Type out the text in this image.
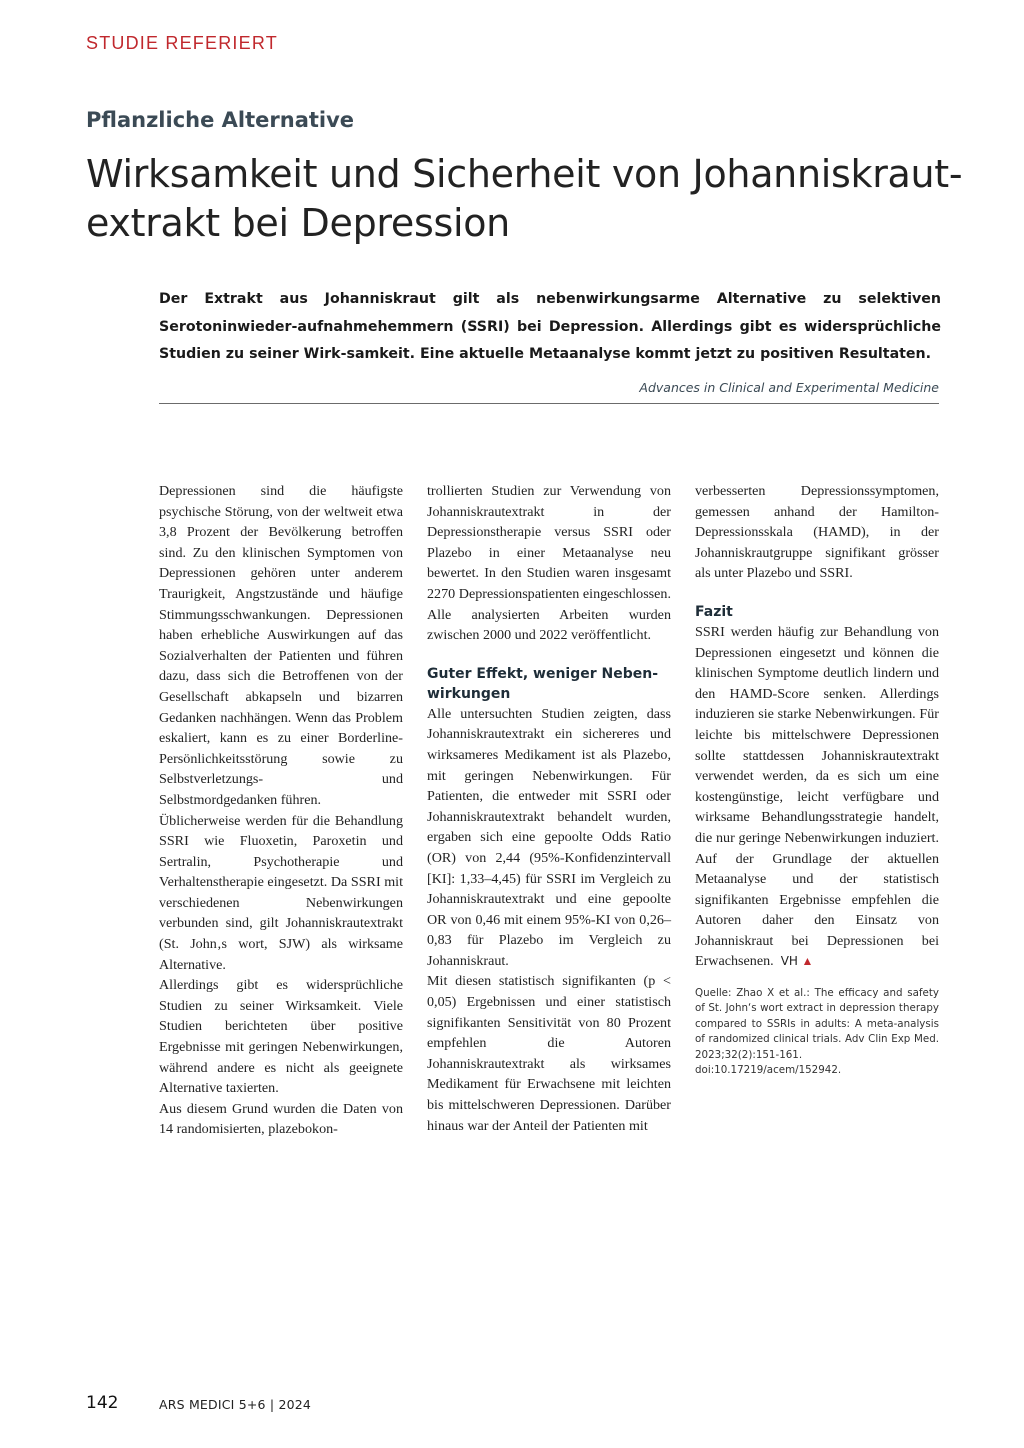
STUDIE REFERIERT
Pflanzliche Alternative
Wirksamkeit und Sicherheit von Johanniskraut-extrakt bei Depression
Der Extrakt aus Johanniskraut gilt als nebenwirkungsarme Alternative zu selektiven Serotoninwieder-aufnahmehemmern (SSRI) bei Depression. Allerdings gibt es widersprüchliche Studien zu seiner Wirk-samkeit. Eine aktuelle Metaanalyse kommt jetzt zu positiven Resultaten.
Advances in Clinical and Experimental Medicine

Depressionen sind die häufigste psychische Störung, von der weltweit etwa 3,8 Prozent der Bevölkerung betroffen sind. Zu den klinischen Symptomen von Depressionen gehören unter anderem Traurigkeit, Angstzustände und häufige Stimmungsschwankungen. Depressionen haben erhebliche Auswirkungen auf das Sozialverhalten der Patienten und führen dazu, dass sich die Betroffenen von der Gesellschaft abkapseln und bizarren Gedanken nachhängen. Wenn das Problem eskaliert, kann es zu einer Borderline-Persönlichkeitsstörung sowie zu Selbstverletzungs- und Selbstmordgedanken führen.

Üblicherweise werden für die Behandlung SSRI wie Fluoxetin, Paroxetin und Sertralin, Psychotherapie und Verhaltenstherapie eingesetzt. Da SSRI mit verschiedenen Nebenwirkungen verbunden sind, gilt Johanniskrautextrakt (St. John‚s wort, SJW) als wirksame Alternative.

Allerdings gibt es widersprüchliche Studien zu seiner Wirksamkeit. Viele Studien berichteten über positive Ergebnisse mit geringen Nebenwirkungen, während andere es nicht als geeignete Alternative taxierten.

Aus diesem Grund wurden die Daten von 14 randomisierten, plazebokon-

trollierten Studien zur Verwendung von Johanniskrautextrakt in der Depressionstherapie versus SSRI oder Plazebo in einer Metaanalyse neu bewertet. In den Studien waren insgesamt 2270 Depressionspatienten eingeschlossen. Alle analysierten Arbeiten wurden zwischen 2000 und 2022 veröffentlicht.

Guter Effekt, weniger Neben-wirkungen

Alle untersuchten Studien zeigten, dass Johanniskrautextrakt ein sichereres und wirksameres Medikament ist als Plazebo, mit geringen Nebenwirkungen. Für Patienten, die entweder mit SSRI oder Johanniskrautextrakt behandelt wurden, ergaben sich eine gepoolte Odds Ratio (OR) von 2,44 (95%-Konfidenzintervall [KI]: 1,33–4,45) für SSRI im Vergleich zu Johanniskrautextrakt und eine gepoolte OR von 0,46 mit einem 95%-KI von 0,26–0,83 für Plazebo im Vergleich zu Johanniskraut.

Mit diesen statistisch signifikanten (p < 0,05) Ergebnissen und einer statistisch signifikanten Sensitivität von 80 Prozent empfehlen die Autoren Johanniskrautextrakt als wirksames Medikament für Erwachsene mit leichten bis mittelschweren Depressionen. Darüber hinaus war der Anteil der Patienten mit

verbesserten Depressionssymptomen, gemessen anhand der Hamilton-Depressionsskala (HAMD), in der Johanniskrautgruppe signifikant grösser als unter Plazebo und SSRI.

Fazit

SSRI werden häufig zur Behandlung von Depressionen eingesetzt und können die klinischen Symptome deutlich lindern und den HAMD-Score senken. Allerdings induzieren sie starke Nebenwirkungen. Für leichte bis mittelschwere Depressionen sollte stattdessen Johanniskrautextrakt verwendet werden, da es sich um eine kostengünstige, leicht verfügbare und wirksame Behandlungsstrategie handelt, die nur geringe Nebenwirkungen induziert. Auf der Grundlage der aktuellen Metaanalyse und der statistisch signifikanten Ergebnisse empfehlen die Autoren daher den Einsatz von Johanniskraut bei Depressionen bei Erwachsenen. VH ▲

Quelle: Zhao X et al.: The efficacy and safety of St. John‘s wort extract in depression therapy compared to SSRIs in adults: A meta-analysis of randomized clinical trials. Adv Clin Exp Med. 2023;32(2):151-161. doi:10.17219/acem/152942.
142	ARS MEDICI 5+6 | 2024
